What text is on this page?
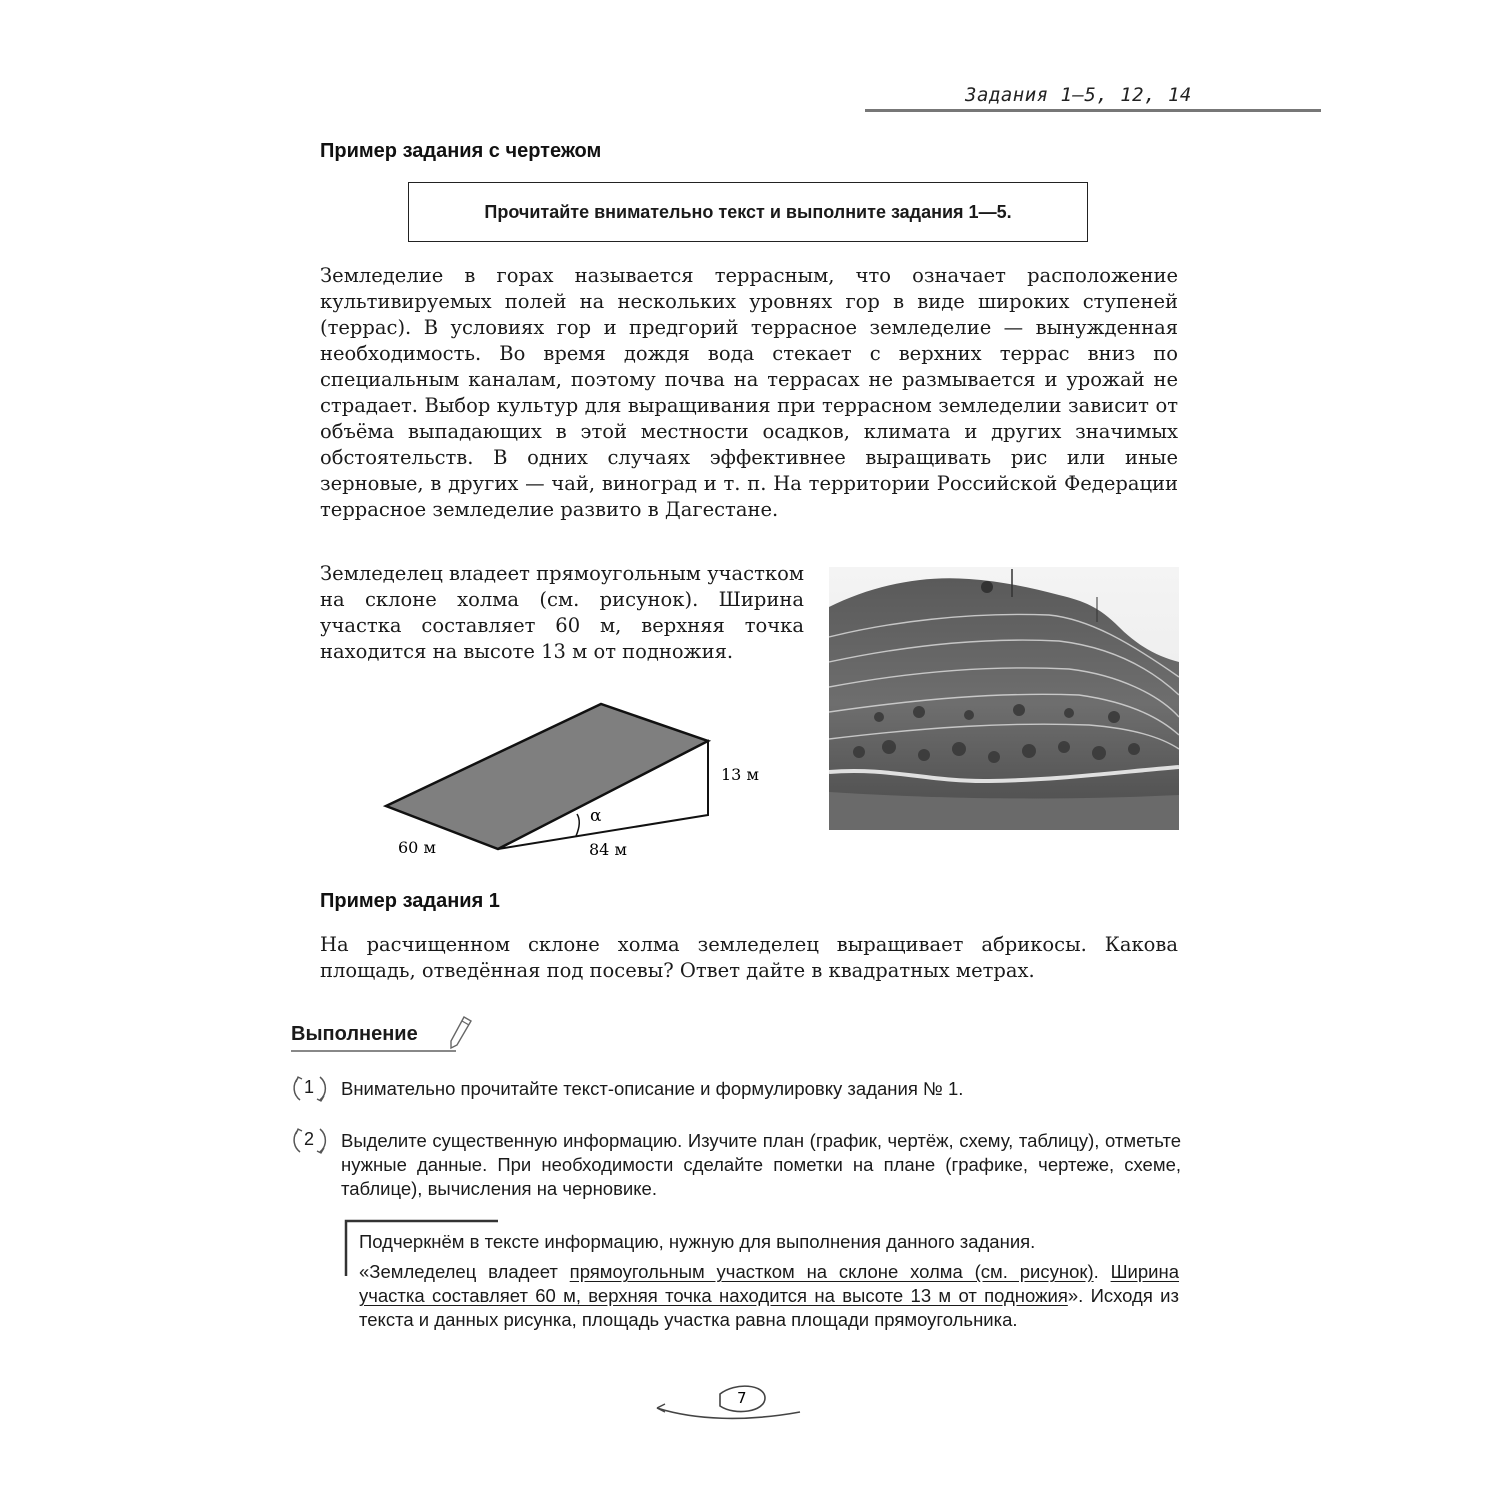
Задания 1—5, 12, 14
Пример задания с чертежом
Прочитайте внимательно текст и выполните задания 1—5.

Земледелие в горах называется террасным, что означает расположение культивируемых полей на нескольких уровнях гор в виде широких ступеней (террас). В условиях гор и предгорий террасное земледелие — вынужденная необходимость. Во время дождя вода стекает с верхних террас вниз по специальным каналам, поэтому почва на террасах не размывается и урожай не страдает. Выбор культур для выращивания при террасном земледелии зависит от объёма выпадающих в этой местности осадков, климата и других значимых обстоятельств. В одних случаях эффективнее выращивать рис или иные зерновые, в других — чай, виноград и т. п. На территории Российской Федерации террасное земледелие развито в Дагестане.

Земледелец владеет прямоугольным участком на склоне холма (см. рисунок). Ширина участка составляет 60 м, верхняя точка находится на высоте 13 м от подножия.

13 м
α
60 м	84 м
Пример задания 1

На расчищенном склоне холма земледелец выращивает абрикосы. Какова площадь, отведённая под посевы? Ответ дайте в квадратных метрах.

Выполнение
1 Внимательно прочитайте текст-описание и формулировку задания № 1.
2 Выделите существенную информацию. Изучите план (график, чертёж, схему, таблицу), отметьте нужные данные. При необходимости сделайте пометки на плане (графике, чертеже, схеме, таблице), вычисления на черновике.
Подчеркнём в тексте информацию, нужную для выполнения данного задания.
«Земледелец владеет прямоугольным участком на склоне холма (см. рисунок). Ширина участка составляет 60 м, верхняя точка находится на высоте 13 м от подножия». Исходя из текста и данных рисунка, площадь участка равна площади прямоугольника.
7
